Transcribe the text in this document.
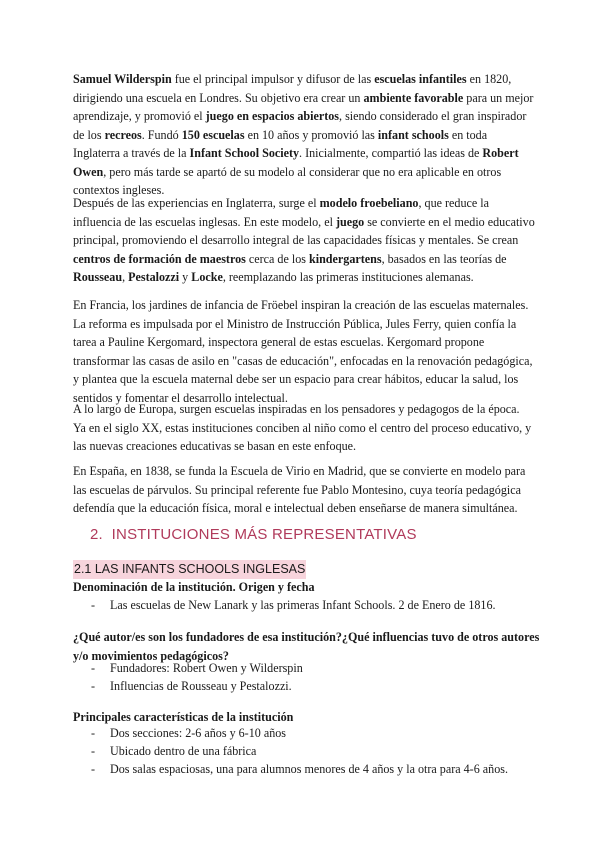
Samuel Wilderspin fue el principal impulsor y difusor de las escuelas infantiles en 1820, dirigiendo una escuela en Londres. Su objetivo era crear un ambiente favorable para un mejor aprendizaje, y promovió el juego en espacios abiertos, siendo considerado el gran inspirador de los recreos. Fundó 150 escuelas en 10 años y promovió las infant schools en toda Inglaterra a través de la Infant School Society. Inicialmente, compartió las ideas de Robert Owen, pero más tarde se apartó de su modelo al considerar que no era aplicable en otros contextos ingleses.

Después de las experiencias en Inglaterra, surge el modelo froebeliano, que reduce la influencia de las escuelas inglesas. En este modelo, el juego se convierte en el medio educativo principal, promoviendo el desarrollo integral de las capacidades físicas y mentales. Se crean centros de formación de maestros cerca de los kindergartens, basados en las teorías de Rousseau, Pestalozzi y Locke, reemplazando las primeras instituciones alemanas.

En Francia, los jardines de infancia de Fröebel inspiran la creación de las escuelas maternales. La reforma es impulsada por el Ministro de Instrucción Pública, Jules Ferry, quien confía la tarea a Pauline Kergomard, inspectora general de estas escuelas. Kergomard propone transformar las casas de asilo en "casas de educación", enfocadas en la renovación pedagógica, y plantea que la escuela maternal debe ser un espacio para crear hábitos, educar la salud, los sentidos y fomentar el desarrollo intelectual.

A lo largo de Europa, surgen escuelas inspiradas en los pensadores y pedagogos de la época. Ya en el siglo XX, estas instituciones conciben al niño como el centro del proceso educativo, y las nuevas creaciones educativas se basan en este enfoque.

En España, en 1838, se funda la Escuela de Virio en Madrid, que se convierte en modelo para las escuelas de párvulos. Su principal referente fue Pablo Montesino, cuya teoría pedagógica defendía que la educación física, moral e intelectual deben enseñarse de manera simultánea.

2. INSTITUCIONES MÁS REPRESENTATIVAS
2.1 LAS INFANTS SCHOOLS INGLESAS

Denominación de la institución. Origen y fecha

- Las escuelas de New Lanark y las primeras Infant Schools. 2 de Enero de 1816.

¿Qué autor/es son los fundadores de esa institución?¿Qué influencias tuvo de otros autores y/o movimientos pedagógicos?

- Fundadores: Robert Owen y Wilderspin
- Influencias de Rousseau y Pestalozzi.

Principales características de la institución

- Dos secciones: 2-6 años y 6-10 años
- Ubicado dentro de una fábrica
- Dos salas espaciosas, una para alumnos menores de 4 años y la otra para 4-6 años.
